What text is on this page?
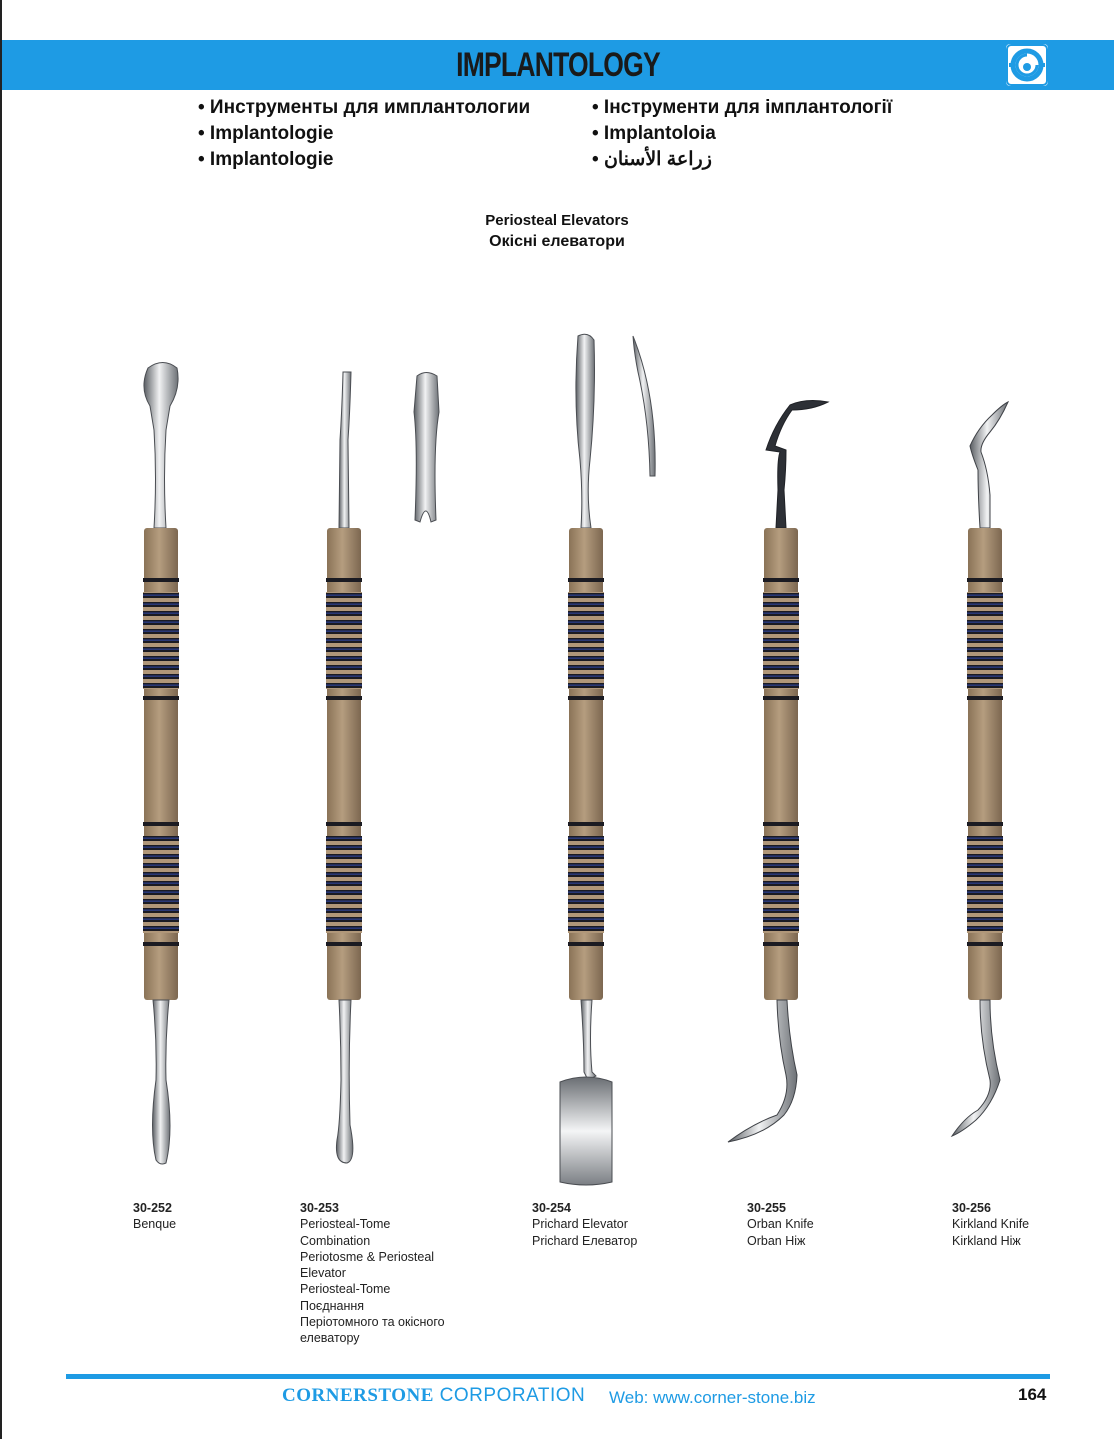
IMPLANTOLOGY
• Инструменты для имплантологии
• Implantologie
• Implantologie
• Інструменти для імплантології
• Implantoloia
• زراعة الأسنان
Periosteal Elevators
Окісні елеватори
30-252
Benque
30-253
Periosteal-Tome
Combination
Periotosme & Periosteal
Elevator
Periosteal-Tome
Поєднання
Періотомного та окісного
елеватору
30-254
Prichard Elevator
Prichard Елеватор
30-255
Orban Knife
Orban Ніж
30-256
Kirkland Knife
Kirkland Ніж
CORNERSTONE CORPORATION Web: www.corner-stone.biz	164
